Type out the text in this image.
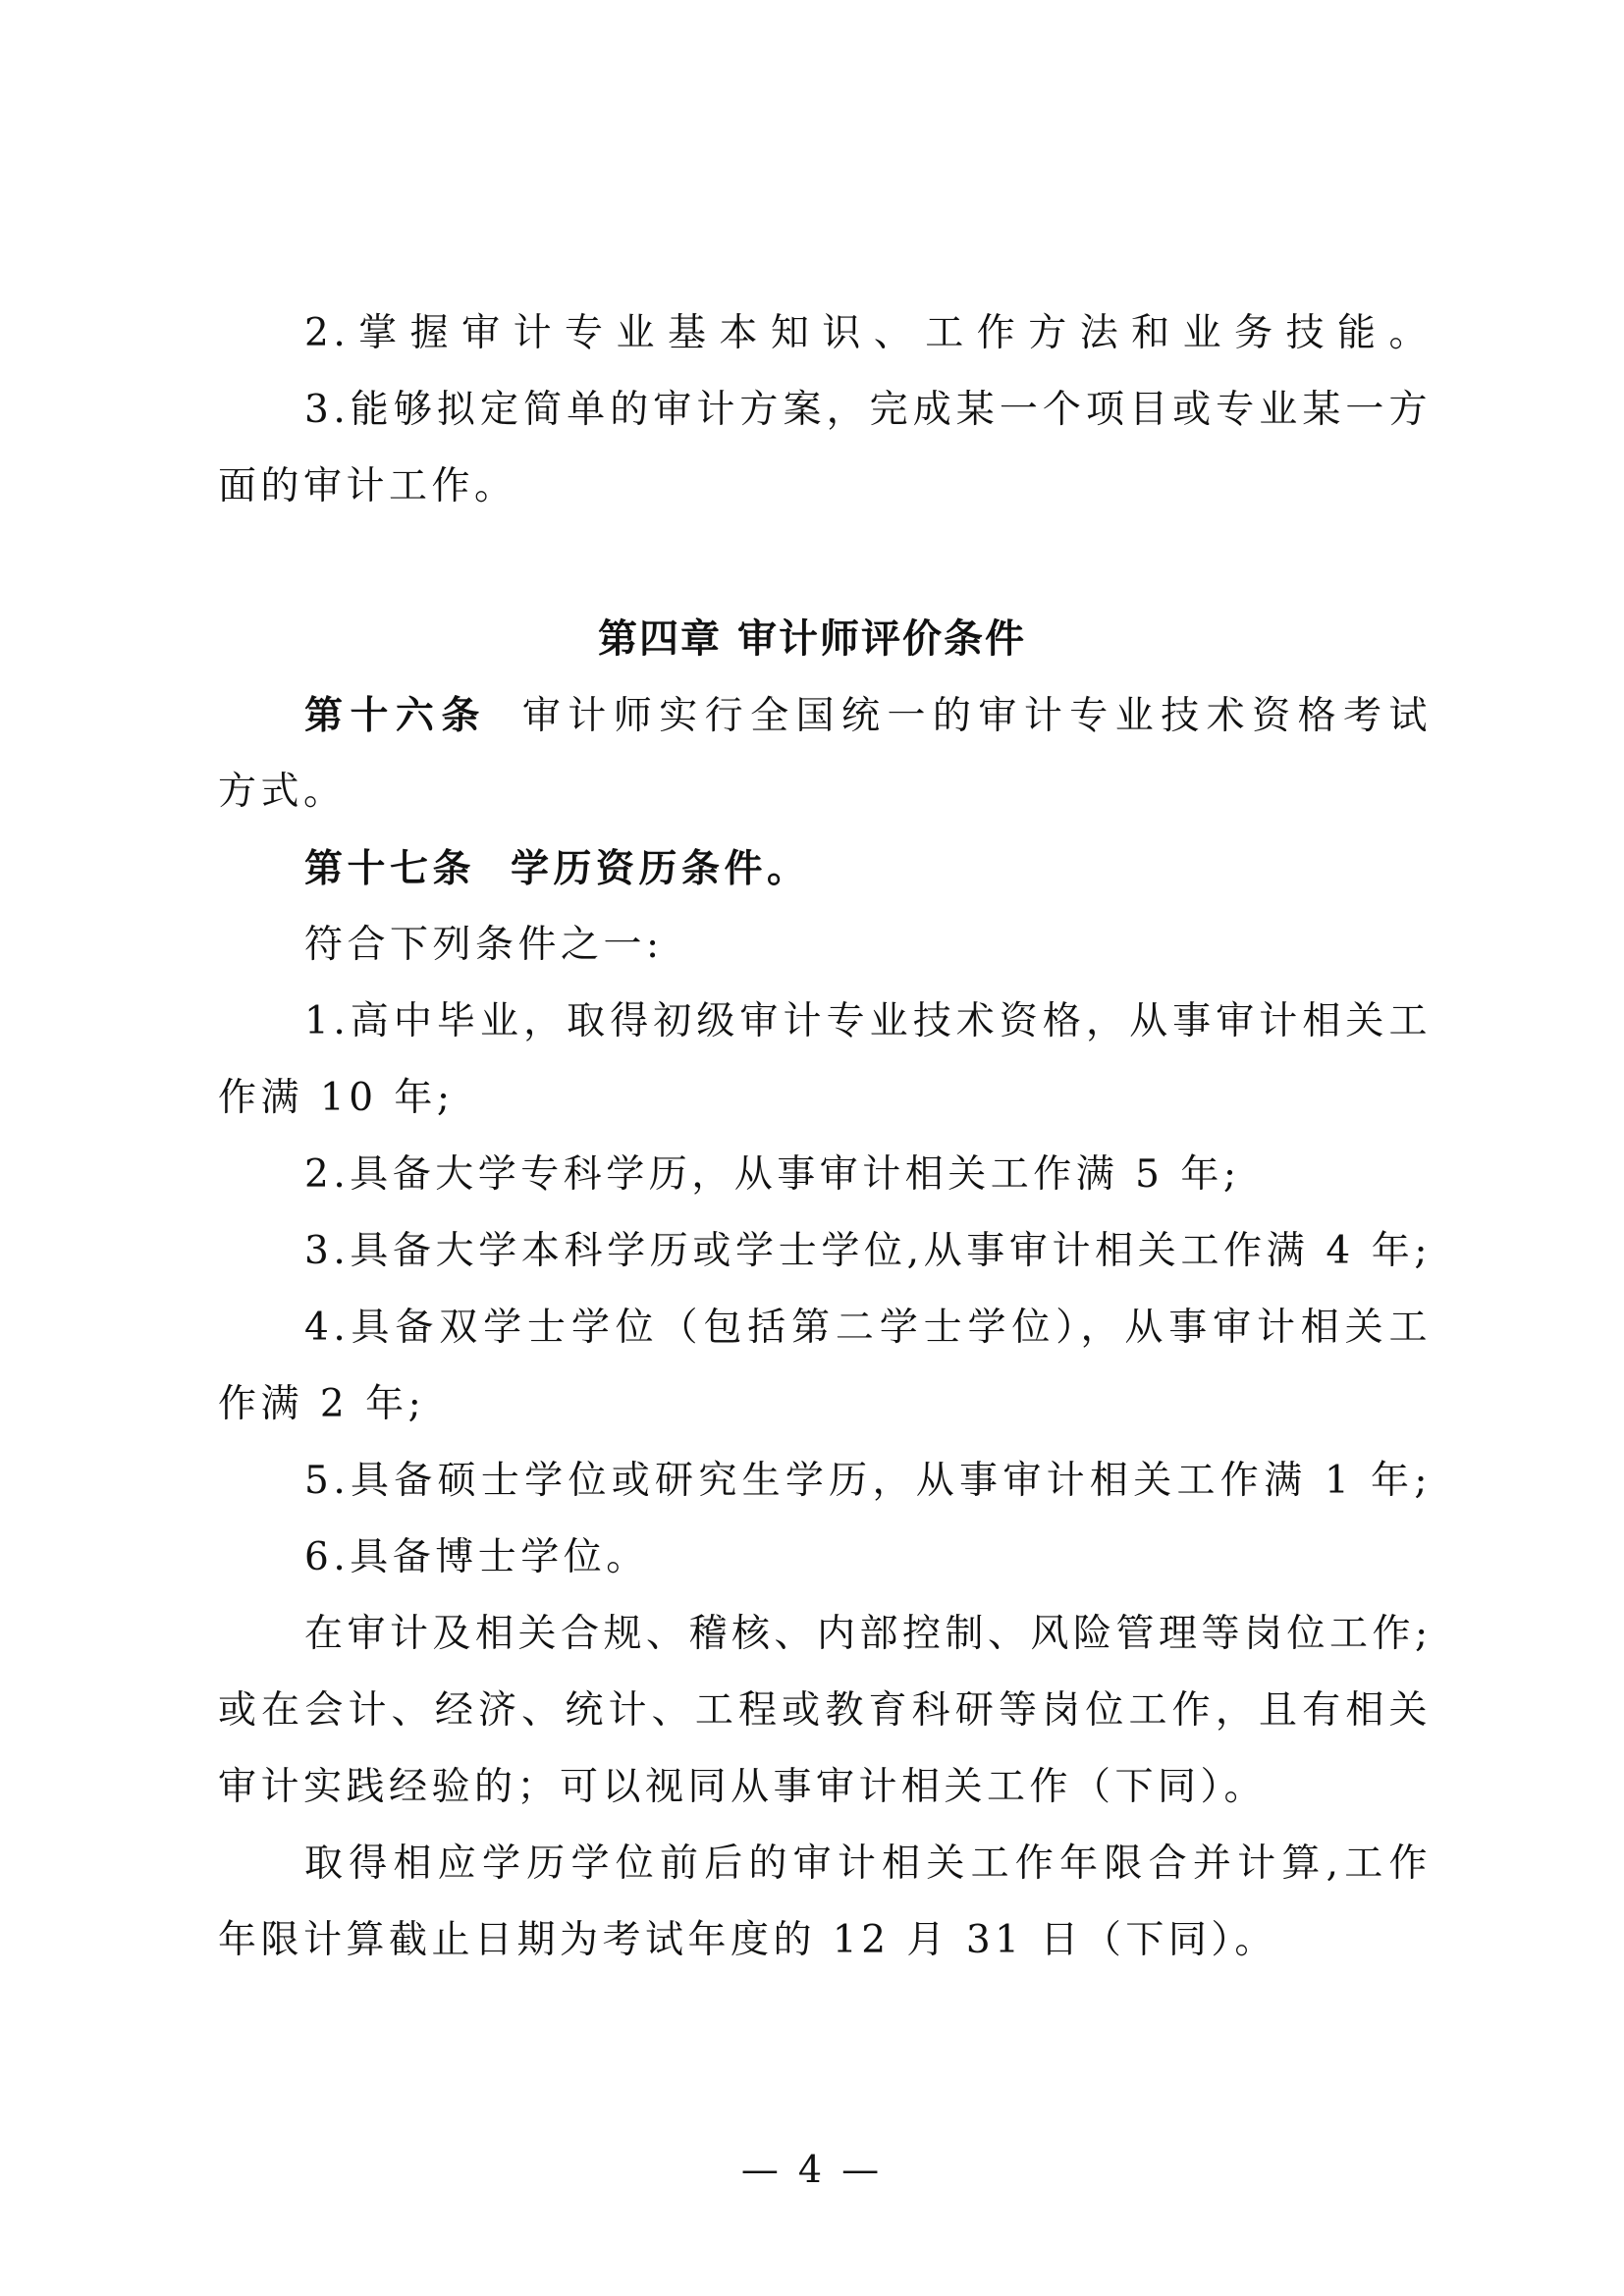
2.掌握审计专业基本知识、工作方法和业务技能。
3.能够拟定简单的审计方案，完成某一个项目或专业某一方
面的审计工作。
第四章 审计师评价条件
第十六条 审计师实行全国统一的审计专业技术资格考试
方式。
第十七条 学历资历条件。
符合下列条件之一:
1.高中毕业，取得初级审计专业技术资格，从事审计相关工
作满 10 年;
2.具备大学专科学历，从事审计相关工作满 5 年;
3.具备大学本科学历或学士学位,从事审计相关工作满 4 年;
4.具备双学士学位（包括第二学士学位），从事审计相关工
作满 2 年;
5.具备硕士学位或研究生学历，从事审计相关工作满 1 年;
6.具备博士学位。
在审计及相关合规、稽核、内部控制、风险管理等岗位工作;
或在会计、经济、统计、工程或教育科研等岗位工作，且有相关
审计实践经验的；可以视同从事审计相关工作（下同）。
取得相应学历学位前后的审计相关工作年限合并计算,工作
年限计算截止日期为考试年度的 12 月 31 日（下同）。
— 4 —
